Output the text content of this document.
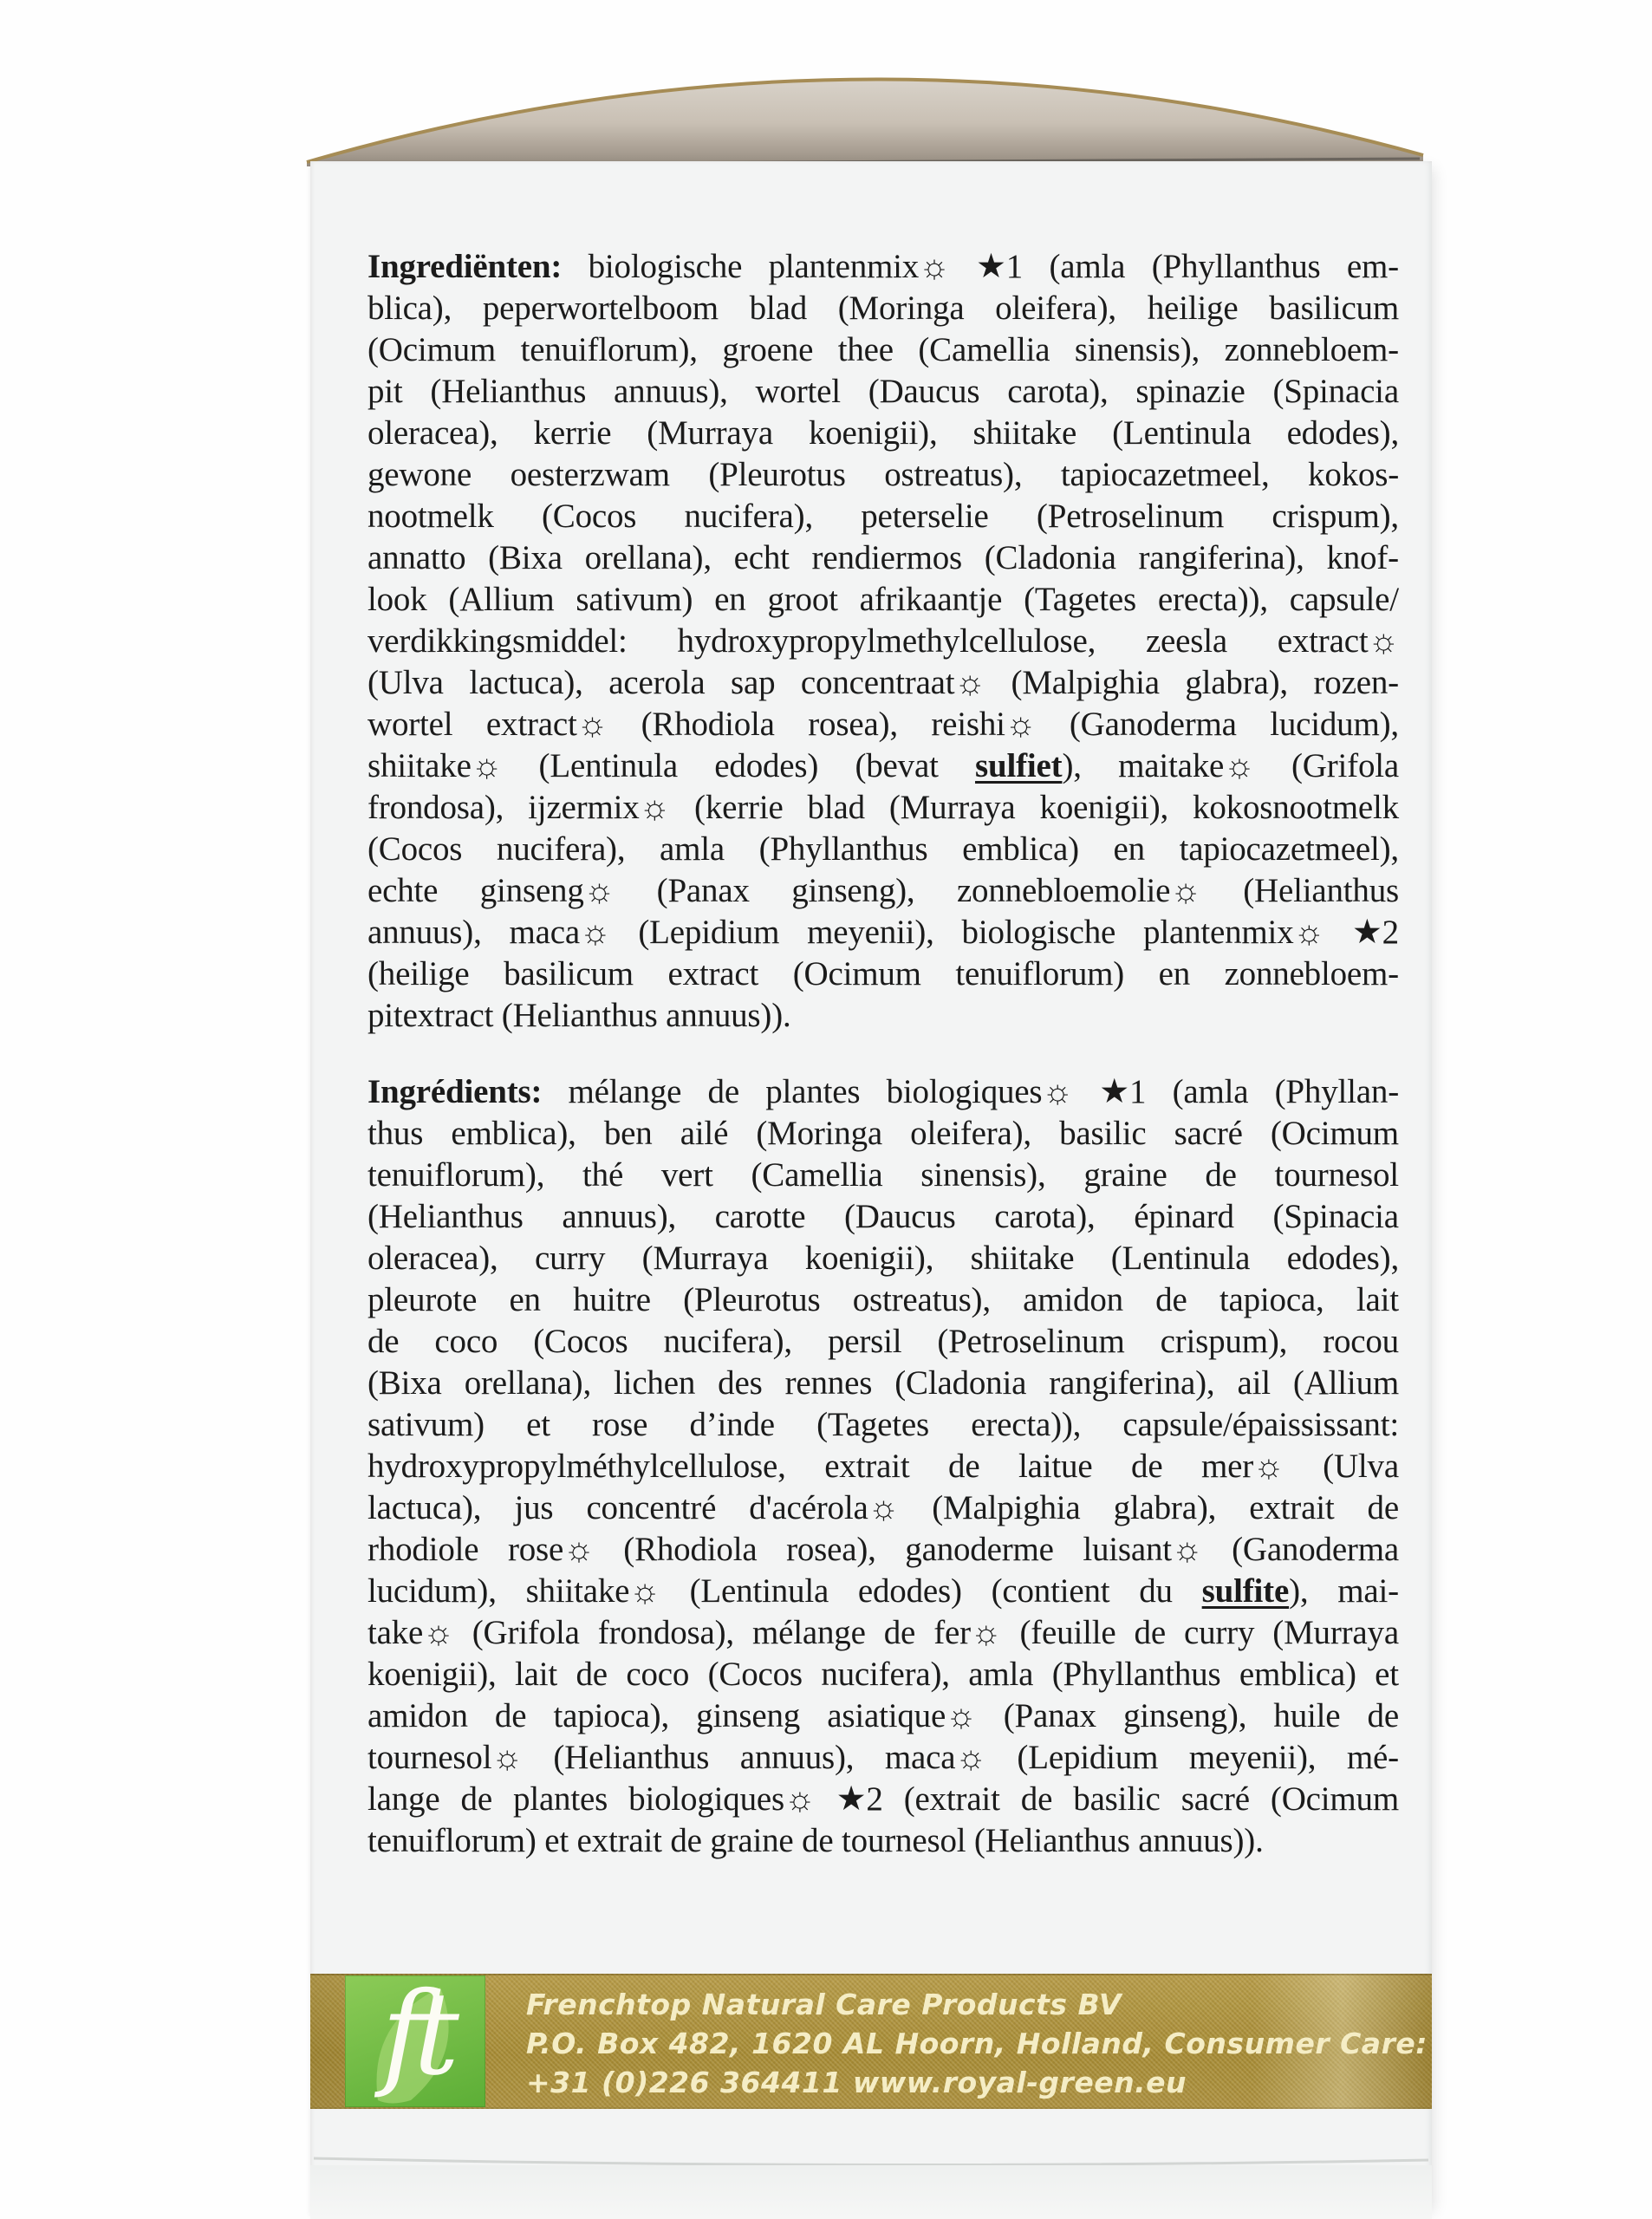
Ingrediënten: biologische plantenmix☼ ★1 (amla (Phyllanthus em-
blica), peperwortelboom blad (Moringa oleifera), heilige basilicum
(Ocimum tenuiflorum), groene thee (Camellia sinensis), zonnebloem-
pit (Helianthus annuus), wortel (Daucus carota), spinazie (Spinacia
oleracea), kerrie (Murraya koenigii), shiitake (Lentinula edodes),
gewone oesterzwam (Pleurotus ostreatus), tapiocazetmeel, kokos-
nootmelk (Cocos nucifera), peterselie (Petroselinum crispum),
annatto (Bixa orellana), echt rendiermos (Cladonia rangiferina), knof-
look (Allium sativum) en groot afrikaantje (Tagetes erecta)), capsule/
verdikkingsmiddel: hydroxypropylmethylcellulose, zeesla extract☼
(Ulva lactuca), acerola sap concentraat☼ (Malpighia glabra), rozen-
wortel extract☼ (Rhodiola rosea), reishi☼ (Ganoderma lucidum),
shiitake☼ (Lentinula edodes) (bevat sulfiet), maitake☼ (Grifola
frondosa), ijzermix☼ (kerrie blad (Murraya koenigii), kokosnootmelk
(Cocos nucifera), amla (Phyllanthus emblica) en tapiocazetmeel),
echte ginseng☼ (Panax ginseng), zonnebloemolie☼ (Helianthus
annuus), maca☼ (Lepidium meyenii), biologische plantenmix☼ ★2
(heilige basilicum extract (Ocimum tenuiflorum) en zonnebloem-
pitextract (Helianthus annuus)).
Ingrédients: mélange de plantes biologiques☼ ★1 (amla (Phyllan-
thus emblica), ben ailé (Moringa oleifera), basilic sacré (Ocimum
tenuiflorum), thé vert (Camellia sinensis), graine de tournesol
(Helianthus annuus), carotte (Daucus carota), épinard (Spinacia
oleracea), curry (Murraya koenigii), shiitake (Lentinula edodes),
pleurote en huitre (Pleurotus ostreatus), amidon de tapioca, lait
de coco (Cocos nucifera), persil (Petroselinum crispum), rocou
(Bixa orellana), lichen des rennes (Cladonia rangiferina), ail (Allium
sativum) et rose d’inde (Tagetes erecta)), capsule/épaississant:
hydroxypropylméthylcellulose, extrait de laitue de mer☼ (Ulva
lactuca), jus concentré d'acérola☼ (Malpighia glabra), extrait de
rhodiole rose☼ (Rhodiola rosea), ganoderme luisant☼ (Ganoderma
lucidum), shiitake☼ (Lentinula edodes) (contient du sulfite), mai-
take☼ (Grifola frondosa), mélange de fer☼ (feuille de curry (Murraya
koenigii), lait de coco (Cocos nucifera), amla (Phyllanthus emblica) et
amidon de tapioca), ginseng asiatique☼ (Panax ginseng), huile de
tournesol☼ (Helianthus annuus), maca☼ (Lepidium meyenii), mé-
lange de plantes biologiques☼ ★2 (extrait de basilic sacré (Ocimum
tenuiflorum) et extrait de graine de tournesol (Helianthus annuus)).
ft	Frenchtop Natural Care Products BV
P.O. Box 482, 1620 AL Hoorn, Holland, Consumer Care:
+31 (0)226 364411 www.royal-green.eu
